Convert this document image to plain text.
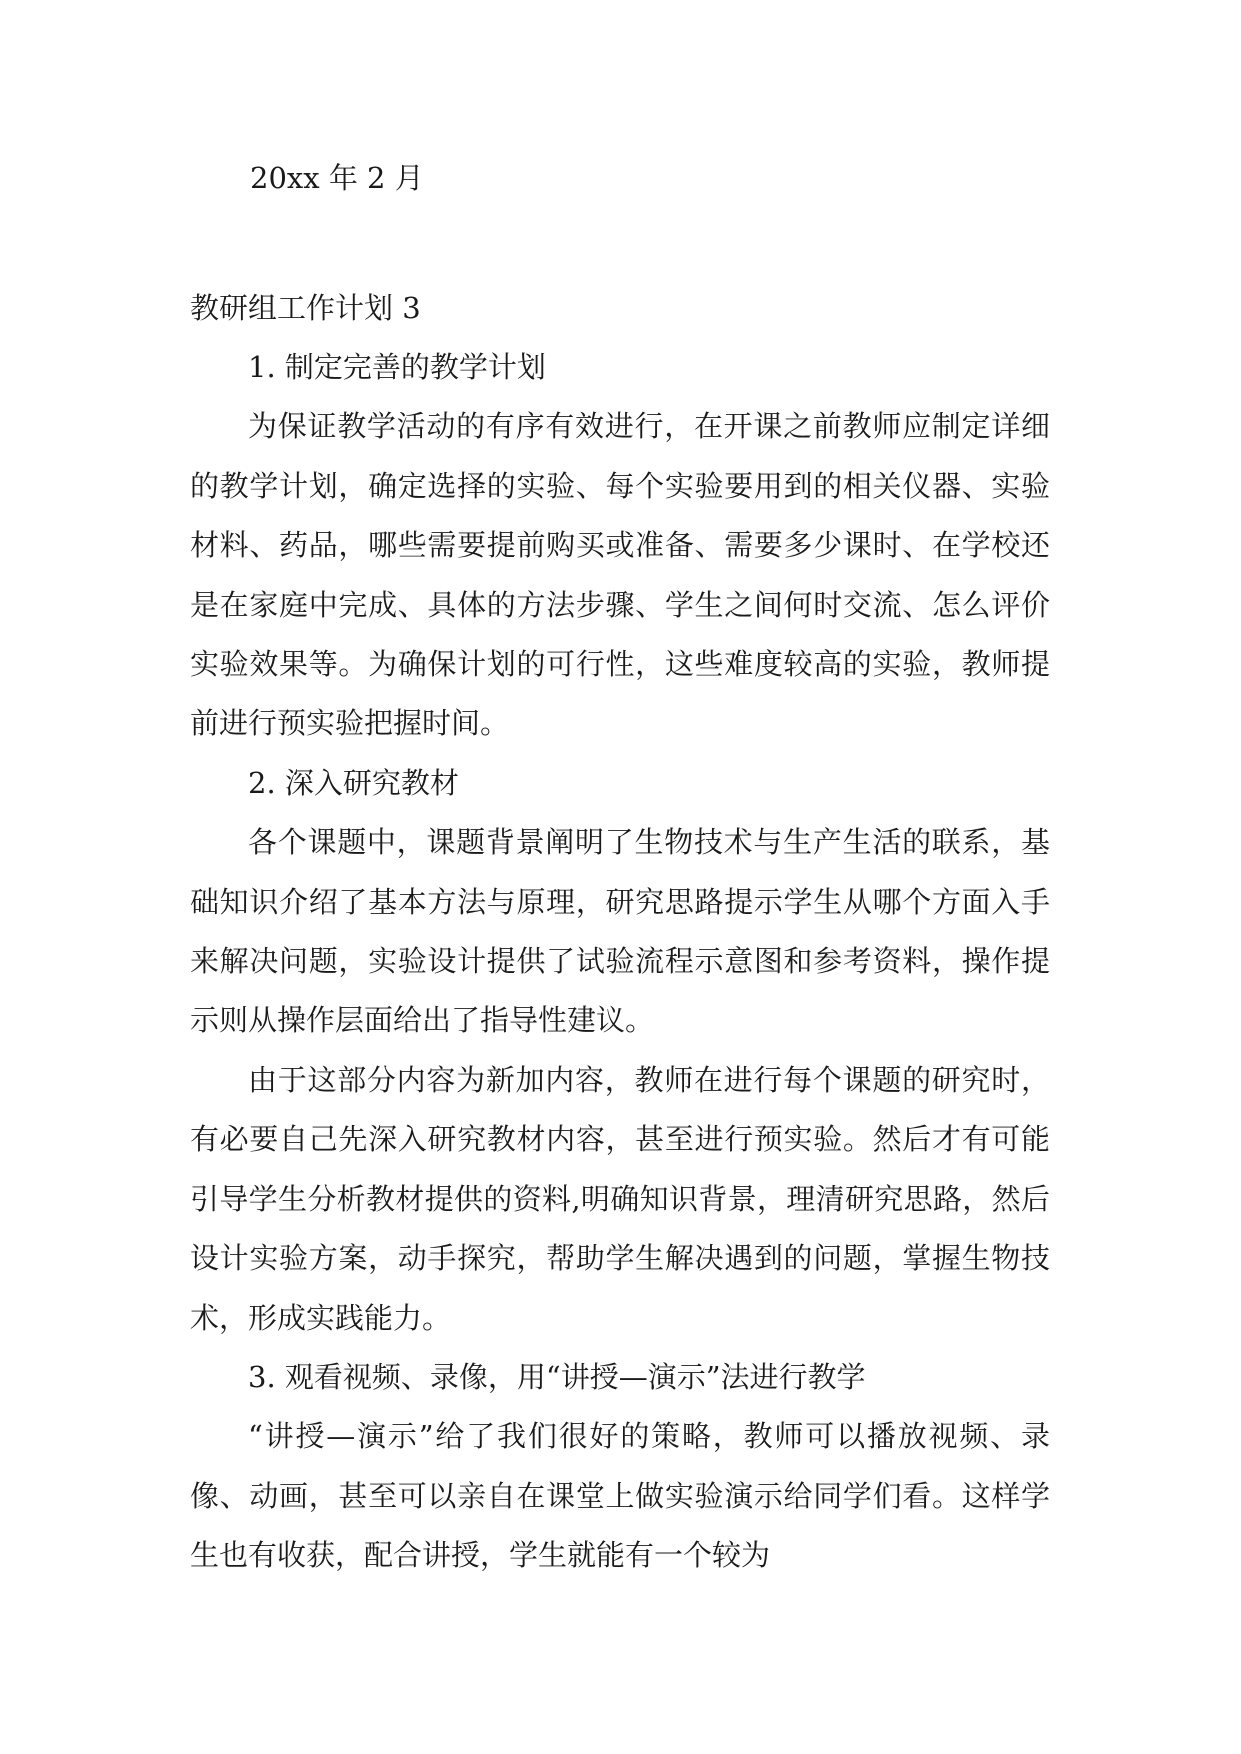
20xx 年 2 月
教研组工作计划 3

1. 制定完善的教学计划

为保证教学活动的有序有效进行，在开课之前教师应制定详细的教学计划，确定选择的实验、每个实验要用到的相关仪器、实验材料、药品，哪些需要提前购买或准备、需要多少课时、在学校还是在家庭中完成、具体的方法步骤、学生之间何时交流、怎么评价实验效果等。为确保计划的可行性，这些难度较高的实验，教师提前进行预实验把握时间。

2. 深入研究教材

各个课题中，课题背景阐明了生物技术与生产生活的联系，基础知识介绍了基本方法与原理，研究思路提示学生从哪个方面入手来解决问题，实验设计提供了试验流程示意图和参考资料，操作提示则从操作层面给出了指导性建议。

由于这部分内容为新加内容，教师在进行每个课题的研究时，有必要自己先深入研究教材内容，甚至进行预实验。然后才有可能引导学生分析教材提供的资料,明确知识背景，理清研究思路，然后设计实验方案，动手探究，帮助学生解决遇到的问题，掌握生物技术，形成实践能力。

3. 观看视频、录像，用“讲授—演示”法进行教学

“讲授—演示”给了我们很好的策略，教师可以播放视频、录像、动画，甚至可以亲自在课堂上做实验演示给同学们看。这样学生也有收获，配合讲授，学生就能有一个较为
